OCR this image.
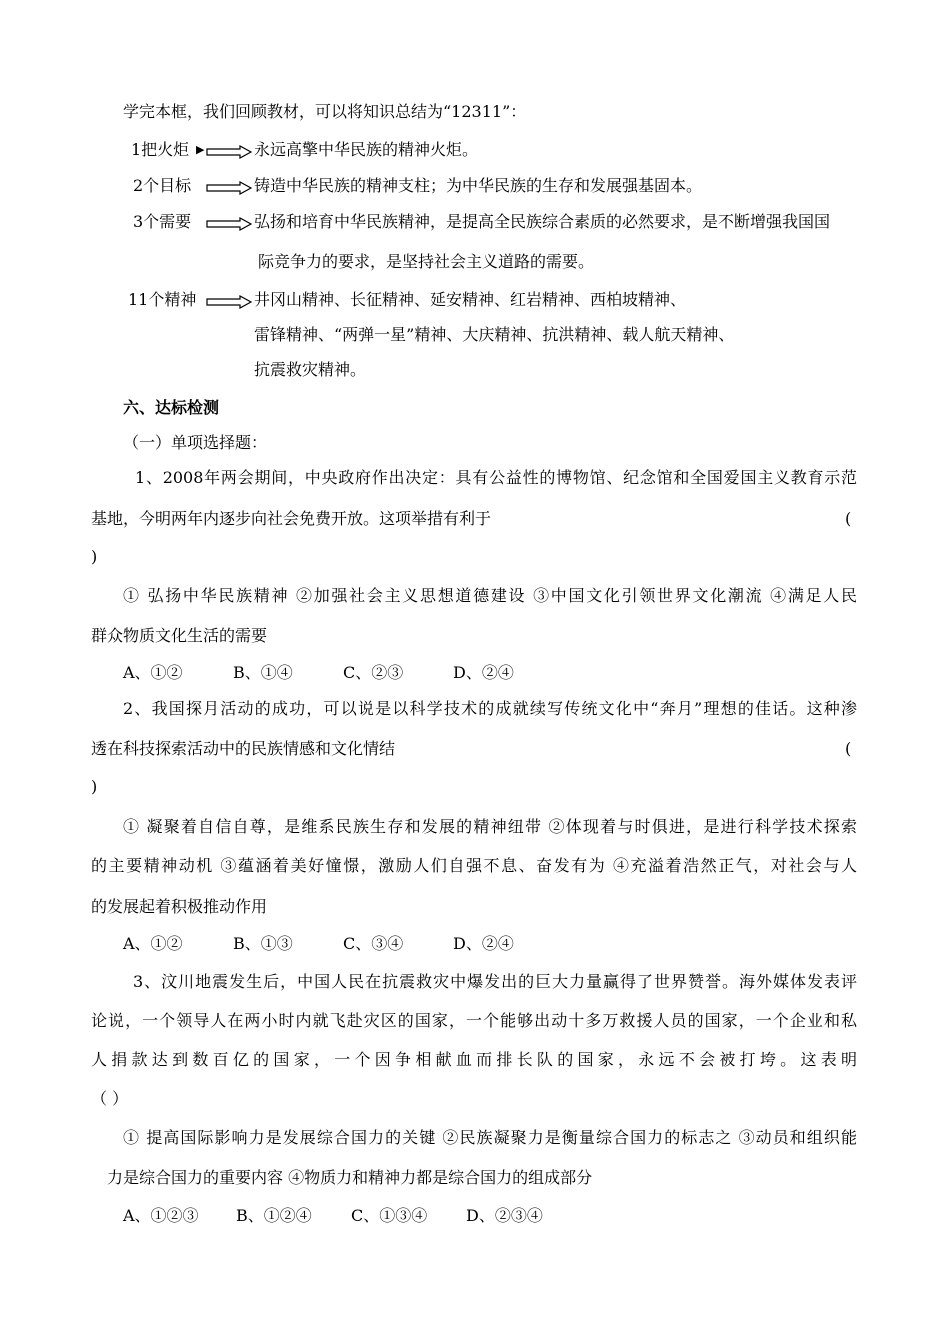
学完本框，我们回顾教材，可以将知识总结为“12311”：
1把火炬 ▶	永远高擎中华民族的精神火炬。
2个目标	铸造中华民族的精神支柱；为中华民族的生存和发展强基固本。
3个需要	弘扬和培育中华民族精神，是提高全民族综合素质的必然要求，是不断增强我国国
际竞争力的要求，是坚持社会主义道路的需要。
11个精神	井冈山精神、长征精神、延安精神、红岩精神、西柏坡精神、
雷锋精神、“两弹一星”精神、大庆精神、抗洪精神、载人航天精神、
抗震救灾精神。
六、达标检测
（一）单项选择题：
1、2008年两会期间，中央政府作出决定：具有公益性的博物馆、纪念馆和全国爱国主义教育示范
基地，今明两年内逐步向社会免费开放。这项举措有利于	(
)
① 弘扬中华民族精神 ②加强社会主义思想道德建设 ③中国文化引领世界文化潮流 ④满足人民
群众物质文化生活的需要
A、①②	B、①④	C、②③	D、②④
2、我国探月活动的成功，可以说是以科学技术的成就续写传统文化中“奔月”理想的佳话。这种渗
透在科技探索活动中的民族情感和文化情结	(
)
① 凝聚着自信自尊，是维系民族生存和发展的精神纽带 ②体现着与时俱进，是进行科学技术探索
的主要精神动机 ③蕴涵着美好憧憬，激励人们自强不息、奋发有为 ④充溢着浩然正气，对社会与人
的发展起着积极推动作用
A、①②	B、①③	C、③④	D、②④
3、汶川地震发生后，中国人民在抗震救灾中爆发出的巨大力量赢得了世界赞誉。海外媒体发表评
论说，一个领导人在两小时内就飞赴灾区的国家，一个能够出动十多万救援人员的国家，一个企业和私
人捐款达到数百亿的国家，一个因争相献血而排长队的国家，永远不会被打垮。这表明
（ ）
① 提高国际影响力是发展综合国力的关键 ②民族凝聚力是衡量综合国力的标志之 ③动员和组织能
力是综合国力的重要内容 ④物质力和精神力都是综合国力的组成部分
A、①②③ B、①②④ C、①③④ D、②③④
